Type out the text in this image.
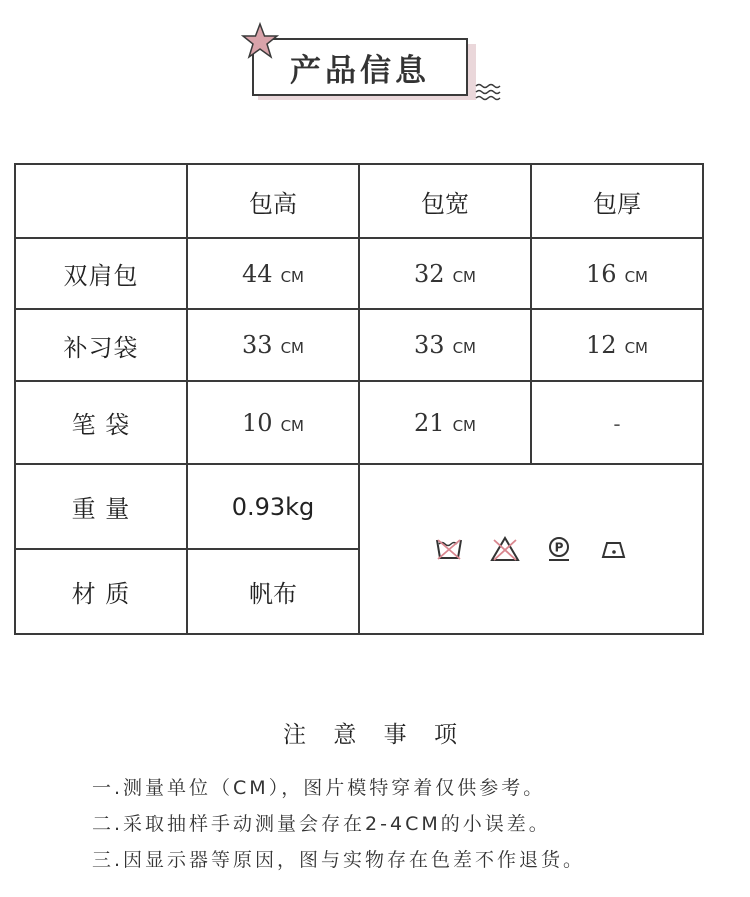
产品信息
	包高	包宽	包厚
双肩包	44 CM	32 CM	16 CM
补习袋	33 CM	33 CM	12 CM
笔 袋	10 CM	21 CM	-
重 量	0.93kg	P	

材 质	帆布		
注 意 事 项
一.测量单位（CM），图片模特穿着仅供参考。
二.采取抽样手动测量会存在2-4CM的小误差。
三.因显示器等原因，图与实物存在色差不作退货。
